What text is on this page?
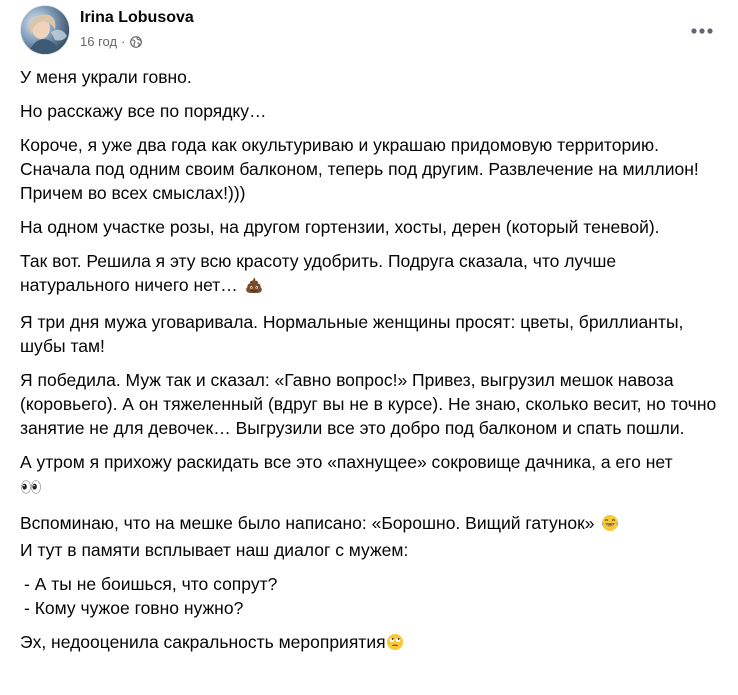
Irina Lobusova
16 год ·

У меня украли говно.

Но расскажу все по порядку…

Короче, я уже два года как окультуриваю и украшаю придомовую территорию. Сначала под одним своим балконом, теперь под другим. Развлечение на миллион! Причем во всех смыслах!)))

На одном участке розы, на другом гортензии, хосты, дерен (который теневой).

Так вот. Решила я эту всю красоту удобрить. Подруга сказала, что лучше натурального ничего нет…

Я три дня мужа уговаривала. Нормальные женщины просят: цветы, бриллианты, шубы там!

Я победила. Муж так и сказал: «Гавно вопрос!» Привез, выгрузил мешок навоза (коровьего). А он тяжеленный (вдруг вы не в курсе). Не знаю, сколько весит, но точно занятие не для девочек… Выгрузили все это добро под балконом и спать пошли.

А утром я прихожу раскидать все это «пахнущее» сокровище дачника, а его нет

Вспоминаю, что на мешке было написано: «Борошно. Вищий гатунок»

И тут в памяти всплывает наш диалог с мужем:

- А ты не боишься, что сопрут?
- Кому чужое говно нужно?

Эх, недооценила сакральность мероприятия
